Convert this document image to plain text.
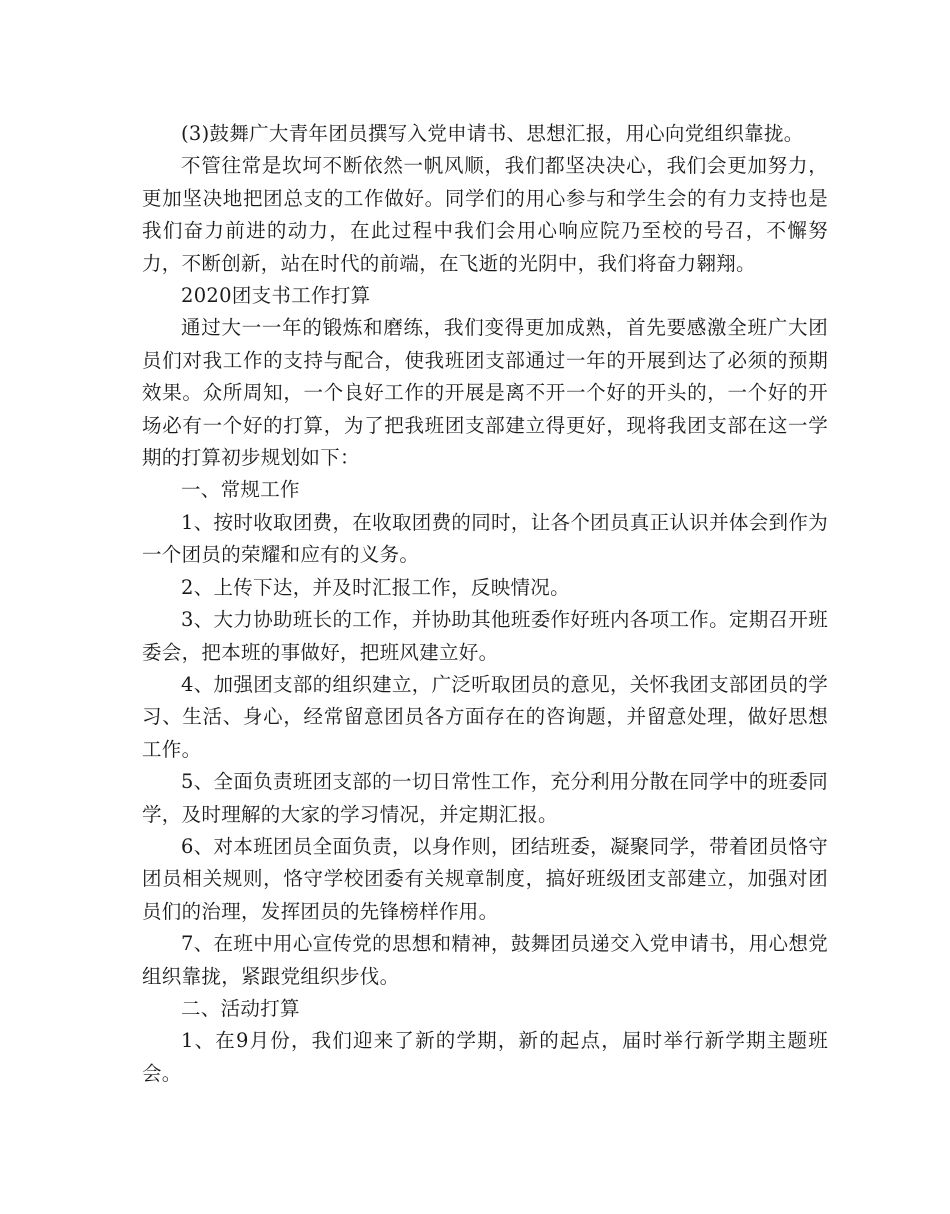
(3)鼓舞广大青年团员撰写入党申请书、思想汇报，用心向党组织靠拢。

不管往常是坎坷不断依然一帆风顺，我们都坚决决心，我们会更加努力，更加坚决地把团总支的工作做好。同学们的用心参与和学生会的有力支持也是我们奋力前进的动力，在此过程中我们会用心响应院乃至校的号召，不懈努力，不断创新，站在时代的前端，在飞逝的光阴中，我们将奋力翱翔。

2020团支书工作打算

通过大一一年的锻炼和磨练，我们变得更加成熟，首先要感激全班广大团员们对我工作的支持与配合，使我班团支部通过一年的开展到达了必须的预期效果。众所周知，一个良好工作的开展是离不开一个好的开头的，一个好的开场必有一个好的打算，为了把我班团支部建立得更好，现将我团支部在这一学期的打算初步规划如下：

一、常规工作

1、按时收取团费，在收取团费的同时，让各个团员真正认识并体会到作为一个团员的荣耀和应有的义务。

2、上传下达，并及时汇报工作，反映情况。

3、大力协助班长的工作，并协助其他班委作好班内各项工作。定期召开班委会，把本班的事做好，把班风建立好。

4、加强团支部的组织建立，广泛听取团员的意见，关怀我团支部团员的学习、生活、身心，经常留意团员各方面存在的咨询题，并留意处理，做好思想工作。

5、全面负责班团支部的一切日常性工作，充分利用分散在同学中的班委同学，及时理解的大家的学习情况，并定期汇报。

6、对本班团员全面负责，以身作则，团结班委，凝聚同学，带着团员恪守团员相关规则，恪守学校团委有关规章制度，搞好班级团支部建立，加强对团员们的治理，发挥团员的先锋榜样作用。

7、在班中用心宣传党的思想和精神，鼓舞团员递交入党申请书，用心想党组织靠拢，紧跟党组织步伐。

二、活动打算

1、在9月份，我们迎来了新的学期，新的起点，届时举行新学期主题班会。
